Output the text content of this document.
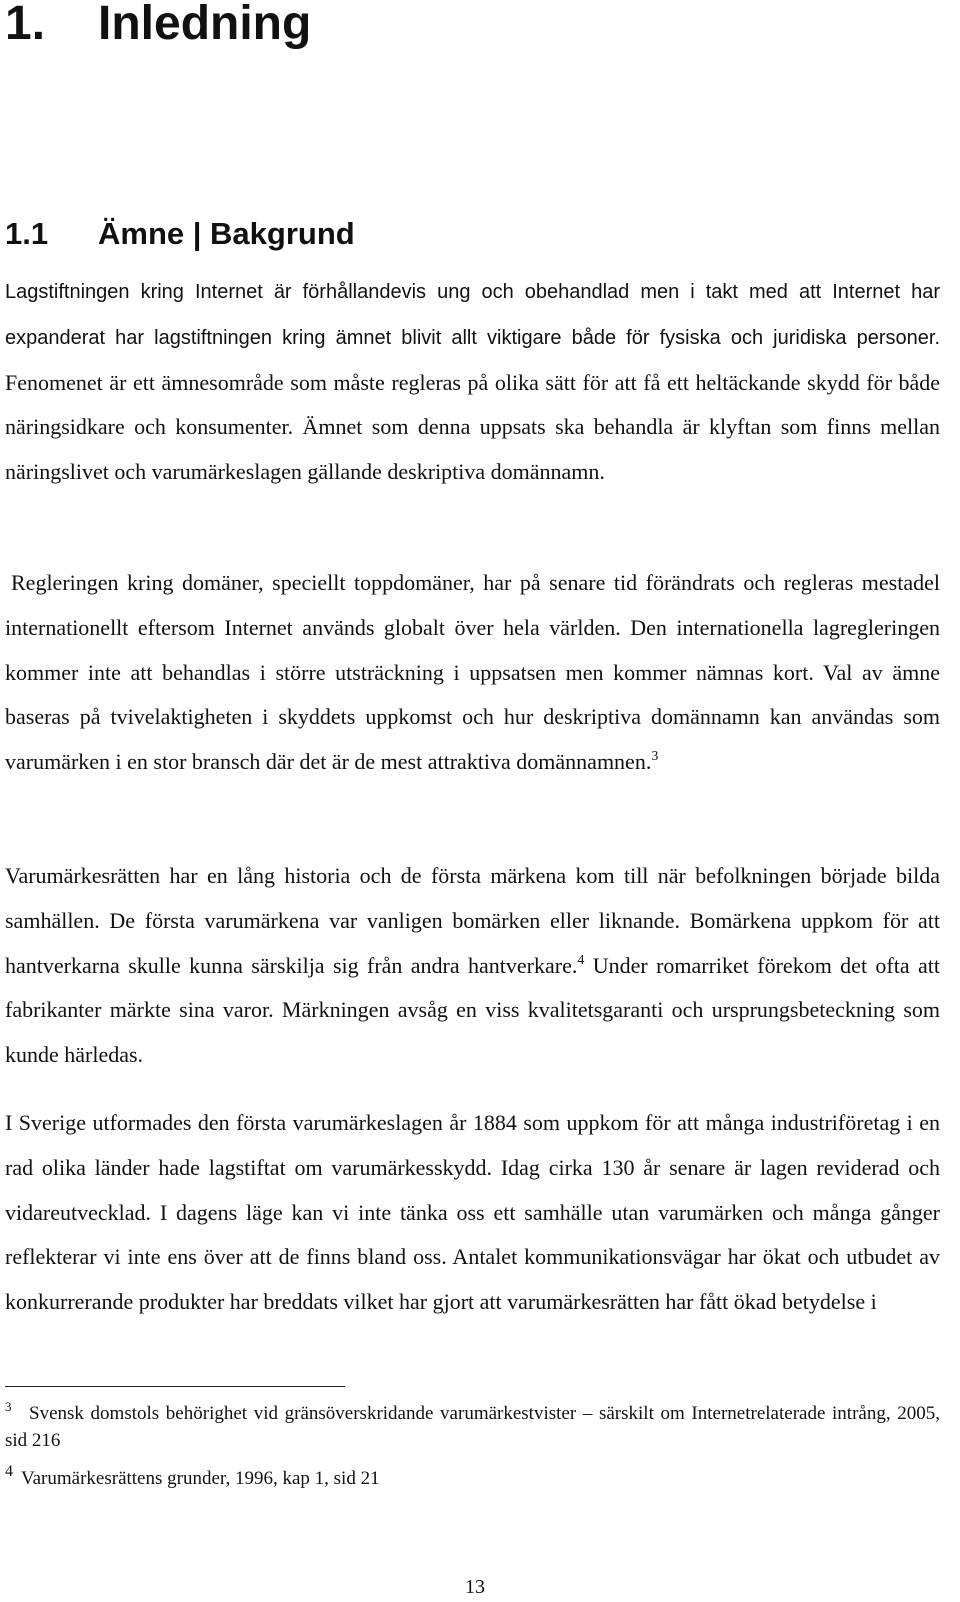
1. Inledning
1.1 Ämne | Bakgrund

Lagstiftningen kring Internet är förhållandevis ung och obehandlad men i takt med att Internet har expanderat har lagstiftningen kring ämnet blivit allt viktigare både för fysiska och juridiska personer. Fenomenet är ett ämnesområde som måste regleras på olika sätt för att få ett heltäckande skydd för både näringsidkare och konsumenter. Ämnet som denna uppsats ska behandla är klyftan som finns mellan näringslivet och varumärkeslagen gällande deskriptiva domännamn.

Regleringen kring domäner, speciellt toppdomäner, har på senare tid förändrats och regleras mestadel internationellt eftersom Internet används globalt över hela världen. Den internationella lagregleringen kommer inte att behandlas i större utsträckning i uppsatsen men kommer nämnas kort. Val av ämne baseras på tvivelaktigheten i skyddets uppkomst och hur deskriptiva domännamn kan användas som varumärken i en stor bransch där det är de mest attraktiva domännamnen.$^3$

Varumärkesrätten har en lång historia och de första märkena kom till när befolkningen började bilda samhällen. De första varumärkena var vanligen bomärken eller liknande. Bomärkena uppkom för att hantverkarna skulle kunna särskilja sig från andra hantverkare.$^4$ Under romarriket förekom det ofta att fabrikanter märkte sina varor. Märkningen avsåg en viss kvalitetsgaranti och ursprungsbeteckning som kunde härledas.

I Sverige utformades den första varumärkeslagen år 1884 som uppkom för att många industriföretag i en rad olika länder hade lagstiftat om varumärkesskydd. Idag cirka 130 år senare är lagen reviderad och vidareutvecklad. I dagens läge kan vi inte tänka oss ett samhälle utan varumärken och många gånger reflekterar vi inte ens över att de finns bland oss. Antalet kommunikationsvägar har ökat och utbudet av konkurrerande produkter har breddats vilket har gjort att varumärkesrätten har fått ökad betydelse i

3 Svensk domstols behörighet vid gränsöverskridande varumärkestvister – särskilt om Internetrelaterade intrång, 2005, sid 216

4 Varumärkesrättens grunder, 1996, kap 1, sid 21

13
